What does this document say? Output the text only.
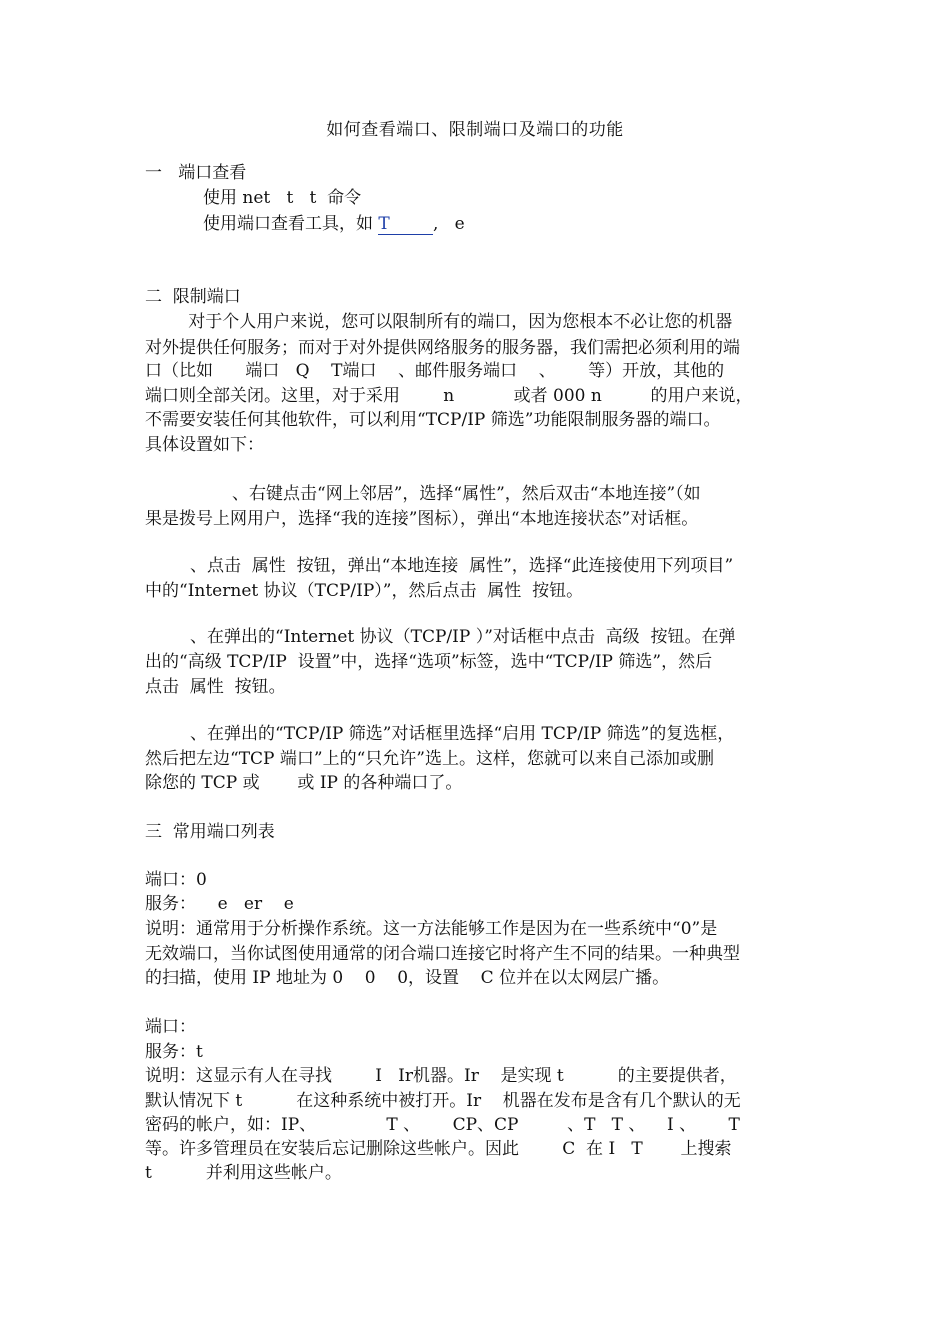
如何查看端口、限制端口及端口的功能
一   端口查看
使用 net   t   t  命令
使用端口查看工具，如 T        ,   e
二  限制端口
对于个人用户来说，您可以限制所有的端口，因为您根本不必让您的机器
对外提供任何服务；而对于对外提供网络服务的服务器，我们需把必须利用的端
口（比如      端口   Q    T端口    、邮件服务端口    、      等）开放，其他的
端口则全部关闭。这里，对于采用        n           或者 000 n         的用户来说，
不需要安装任何其他软件，可以利用“TCP/IP 筛选”功能限制服务器的端口。
具体设置如下：
、右键点击“网上邻居”，选择“属性”，然后双击“本地连接”（如
果是拨号上网用户，选择“我的连接”图标），弹出“本地连接状态”对话框。
、点击  属性  按钮，弹出“本地连接  属性”，选择“此连接使用下列项目”
中的“Internet 协议（TCP/IP）”，然后点击  属性  按钮。
、在弹出的“Internet 协议（TCP/IP ）”对话框中点击  高级  按钮。在弹
出的“高级 TCP/IP  设置”中，选择“选项”标签，选中“TCP/IP 筛选”，然后
点击  属性  按钮。
、在弹出的“TCP/IP 筛选”对话框里选择“启用 TCP/IP 筛选”的复选框，
然后把左边“TCP 端口”上的“只允许”选上。这样，您就可以来自己添加或删
除您的 TCP 或       或 IP 的各种端口了。
三  常用端口列表
端口：0
服务：    e   er    e
说明：通常用于分析操作系统。这一方法能够工作是因为在一些系统中“0”是
无效端口，当你试图使用通常的闭合端口连接它时将产生不同的结果。一种典型
的扫描，使用 IP 地址为 0    0    0，设置    C 位并在以太网层广播。
端口：
服务：t
说明：这显示有人在寻找        I   Ir机器。Ir    是实现 t          的主要提供者，
默认情况下 t          在这种系统中被打开。Ir    机器在发布是含有几个默认的无
密码的帐户，如：IP、             T 、      CP、CP         、T   T 、    I 、      T
等。许多管理员在安装后忘记删除这些帐户。因此        C  在 I   T       上搜索
t          并利用这些帐户。
